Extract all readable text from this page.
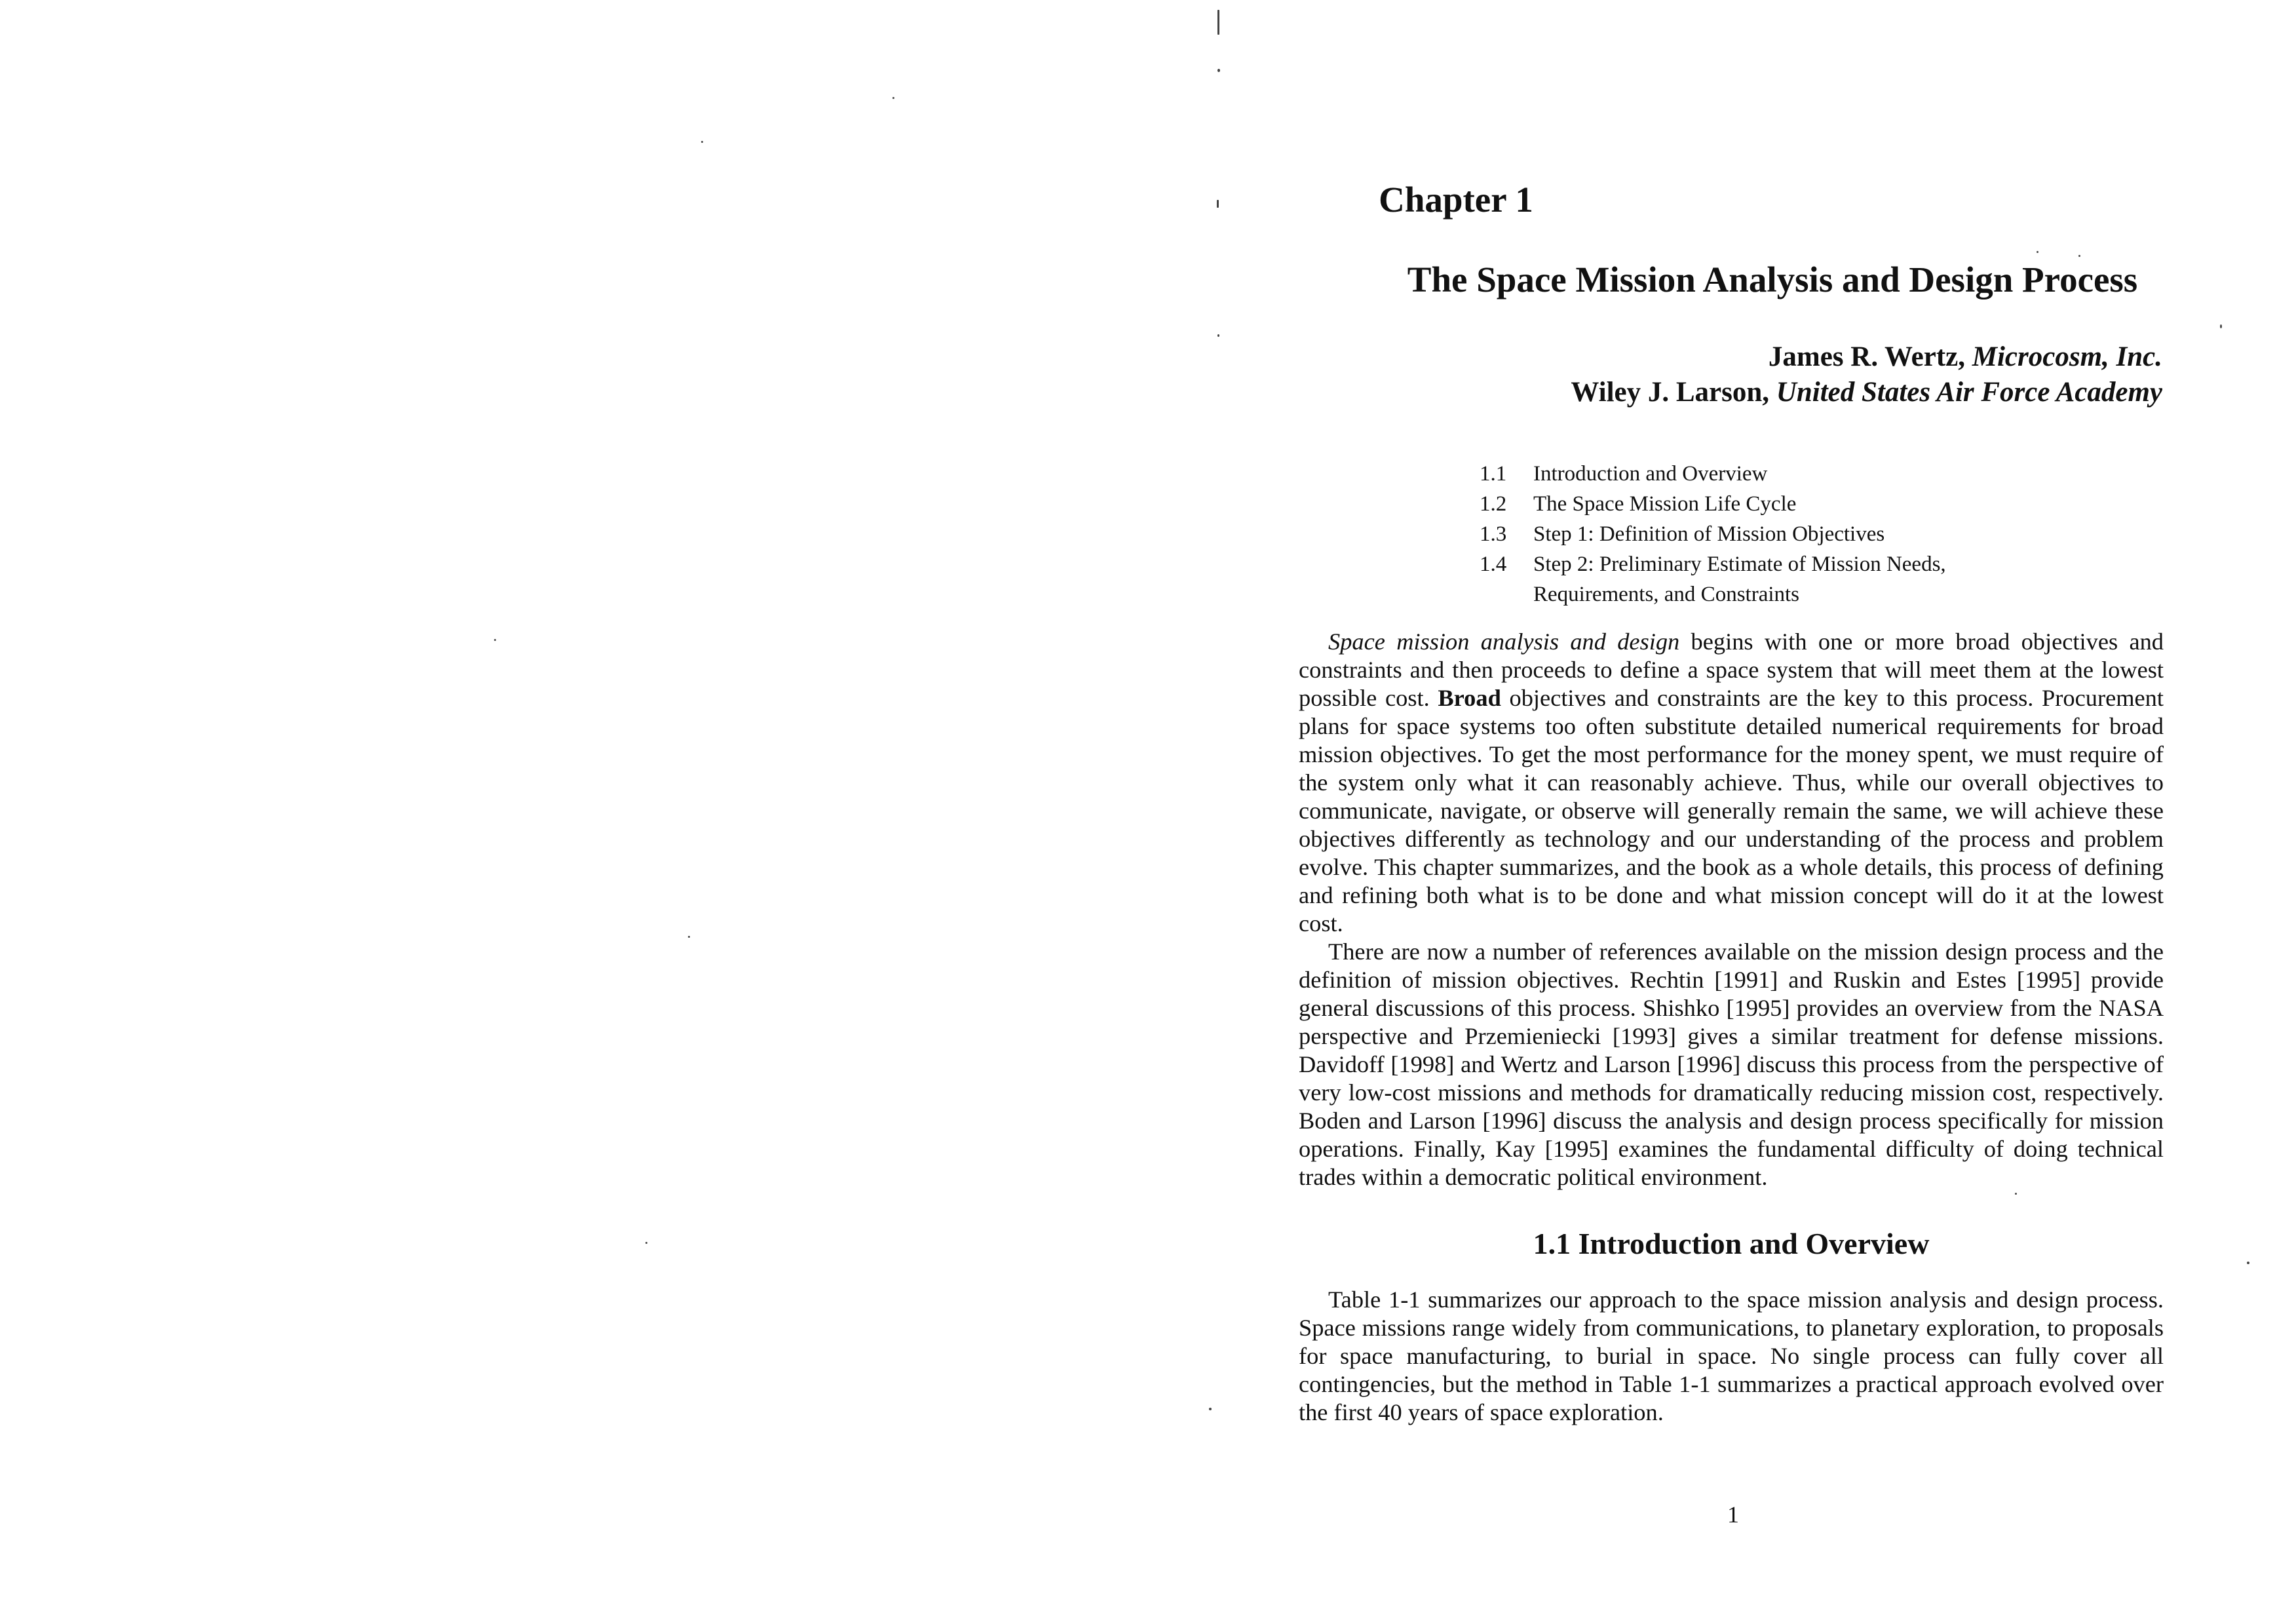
Chapter 1
The Space Mission Analysis and Design Process
James R. Wertz, Microcosm, Inc.
Wiley J. Larson, United States Air Force Academy
1.1	Introduction and Overview
1.2	The Space Mission Life Cycle
1.3	Step 1: Definition of Mission Objectives
1.4	Step 2: Preliminary Estimate of Mission Needs,
Requirements, and Constraints

Space mission analysis and design begins with one or more broad objectives and constraints and then proceeds to define a space system that will meet them at the lowest possible cost. Broad objectives and constraints are the key to this process. Procurement plans for space systems too often substitute detailed numerical requirements for broad mission objectives. To get the most performance for the money spent, we must require of the system only what it can reasonably achieve. Thus, while our overall objectives to communicate, navigate, or observe will generally remain the same, we will achieve these objectives differently as technology and our understanding of the process and problem evolve. This chapter summarizes, and the book as a whole details, this process of defining and refining both what is to be done and what mission concept will do it at the lowest cost.

There are now a number of references available on the mission design process and the definition of mission objectives. Rechtin [1991] and Ruskin and Estes [1995] provide general discussions of this process. Shishko [1995] provides an overview from the NASA perspective and Przemieniecki [1993] gives a similar treatment for defense missions. Davidoff [1998] and Wertz and Larson [1996] discuss this process from the perspective of very low-cost missions and methods for dramatically reducing mission cost, respectively. Boden and Larson [1996] discuss the analysis and design process specifically for mission operations. Finally, Kay [1995] examines the fundamental difficulty of doing technical trades within a democratic political environment.

1.1 Introduction and Overview

Table 1-1 summarizes our approach to the space mission analysis and design process. Space missions range widely from communications, to planetary exploration, to proposals for space manufacturing, to burial in space. No single process can fully cover all contingencies, but the method in Table 1-1 summarizes a practical approach evolved over the first 40 years of space exploration.

1
